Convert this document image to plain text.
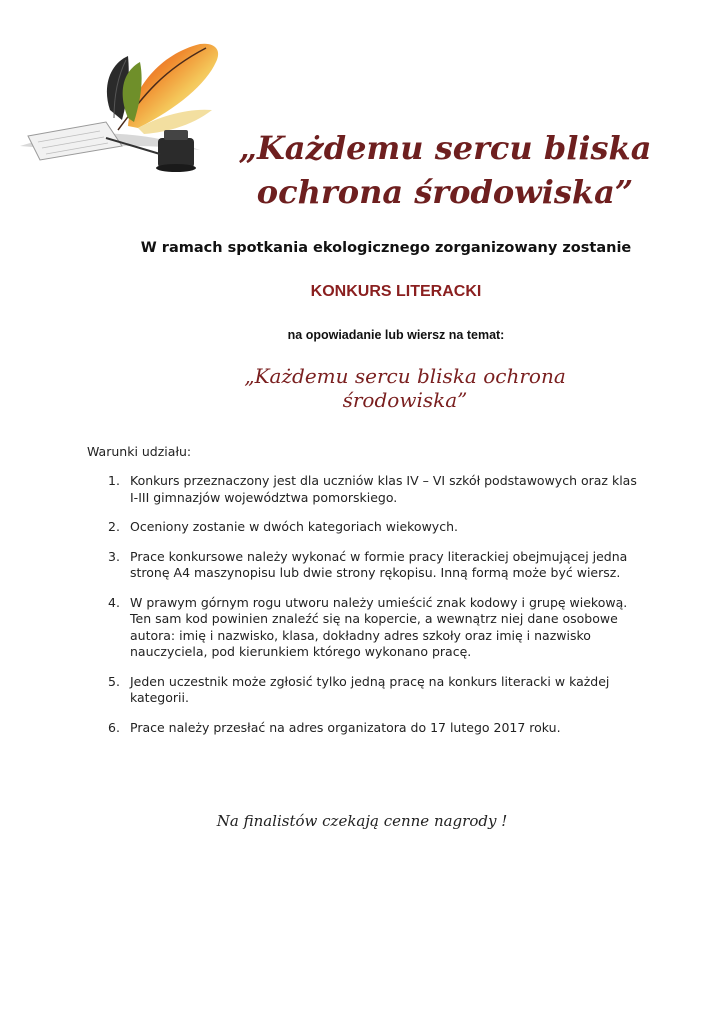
„Każdemu sercu bliska
ochrona środowiska”
W ramach spotkania ekologicznego zorganizowany zostanie
KONKURS LITERACKI
na opowiadanie lub wiersz na temat:
„Każdemu sercu bliska ochrona środowiska”
Warunki udziału:
1. Konkurs przeznaczony jest dla uczniów klas IV – VI szkół podstawowych oraz klas I-III gimnazjów województwa pomorskiego.
2. Oceniony zostanie w dwóch kategoriach wiekowych.
3. Prace konkursowe należy wykonać w formie pracy literackiej obejmującej jedna stronę A4 maszynopisu lub dwie strony rękopisu. Inną formą może być wiersz.
4. W prawym górnym rogu utworu należy umieścić znak kodowy i grupę wiekową. Ten sam kod powinien znaleźć się na kopercie, a wewnątrz niej dane osobowe autora: imię i nazwisko, klasa, dokładny adres szkoły oraz imię i nazwisko nauczyciela, pod kierunkiem którego wykonano pracę.
5. Jeden uczestnik może zgłosić tylko jedną pracę na konkurs literacki w każdej kategorii.
6. Prace należy przesłać na adres organizatora do 17 lutego 2017 roku.
Na finalistów czekają cenne nagrody !
